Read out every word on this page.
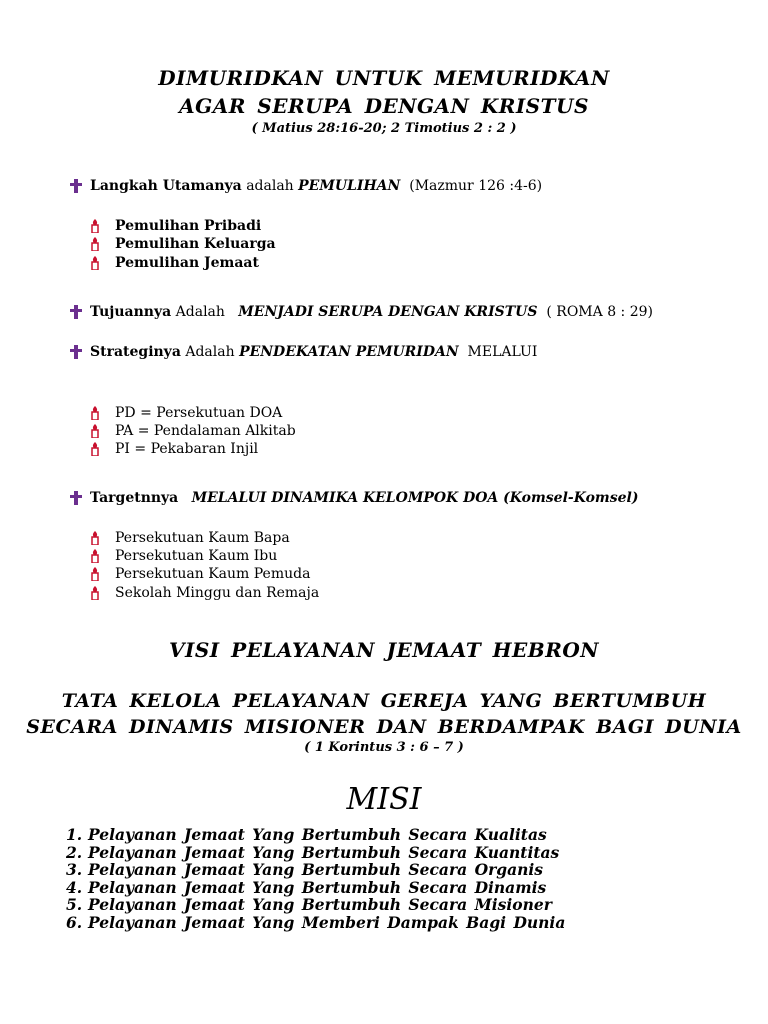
DIMURIDKAN UNTUK MEMURIDKAN
AGAR SERUPA DENGAN KRISTUS
( Matius 28:16-20; 2 Timotius 2 : 2 )
Langkah Utamanya
adalah
PEMULIHAN
(Mazmur 126 :4-6)
Pemulihan Pribadi
Pemulihan Keluarga
Pemulihan Jemaat
Tujuannya
Adalah
MENJADI SERUPA DENGAN KRISTUS
( ROMA 8 : 29)
Strateginya
Adalah
PENDEKATAN PEMURIDAN
MELALUI
PD = Persekutuan DOA
PA = Pendalaman Alkitab
PI = Pekabaran Injil
Targetnnya
MELALUI DINAMIKA KELOMPOK DOA (Komsel-Komsel)
Persekutuan Kaum Bapa
Persekutuan Kaum Ibu
Persekutuan Kaum Pemuda
Sekolah Minggu dan Remaja
VISI PELAYANAN JEMAAT HEBRON
TATA KELOLA PELAYANAN GEREJA YANG BERTUMBUH
SECARA DINAMIS MISIONER DAN BERDAMPAK BAGI DUNIA
( 1 Korintus 3 : 6 – 7 )
MISI
1. Pelayanan Jemaat Yang Bertumbuh Secara Kualitas
2. Pelayanan Jemaat Yang Bertumbuh Secara Kuantitas
3. Pelayanan Jemaat Yang Bertumbuh Secara Organis
4. Pelayanan Jemaat Yang Bertumbuh Secara Dinamis
5. Pelayanan Jemaat Yang Bertumbuh Secara Misioner
6. Pelayanan Jemaat Yang Memberi Dampak Bagi Dunia
